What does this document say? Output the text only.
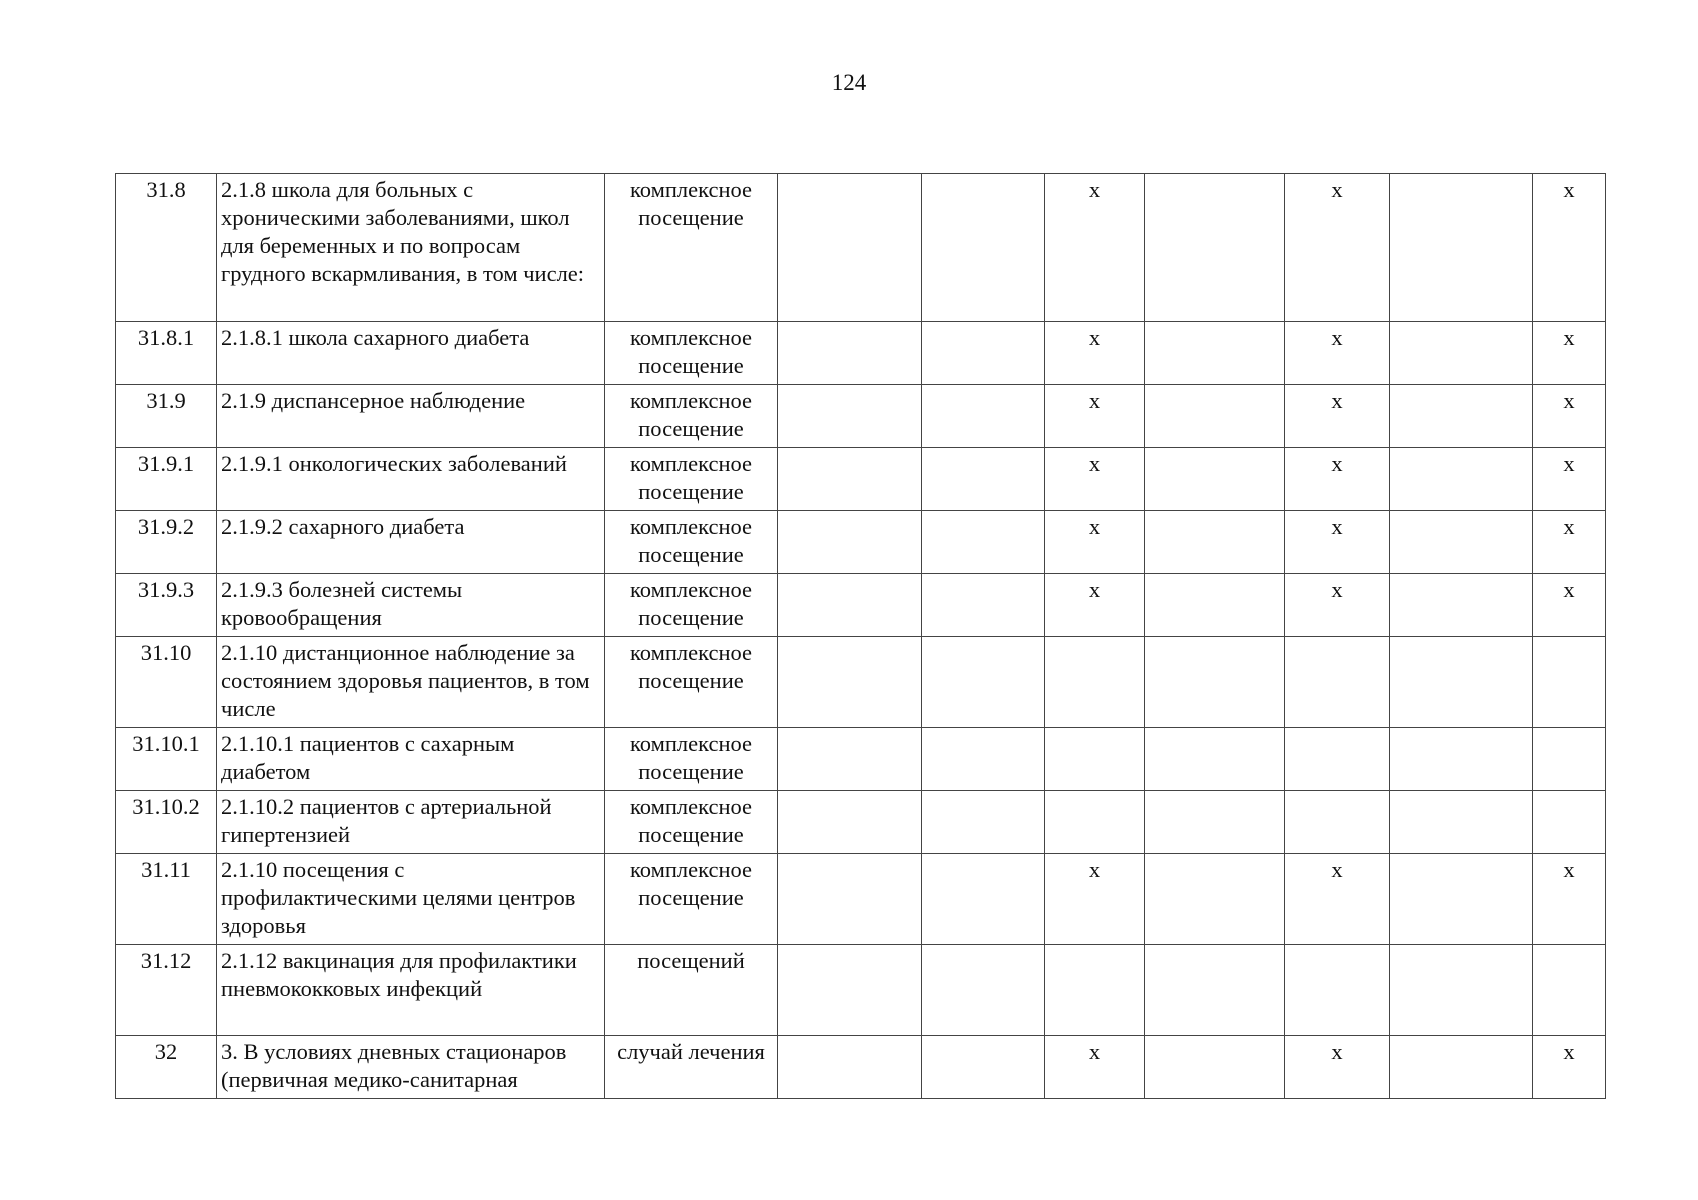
124
31.8	2.1.8 школа для больных с хроническими заболеваниями, школ для беременных и по вопросам грудного вскармливания, в том числе:	комплексное посещение			х		х		х
31.8.1	2.1.8.1 школа сахарного диабета	комплексное посещение			х		х		х
31.9	2.1.9 диспансерное наблюдение	комплексное посещение			х		х		х
31.9.1	2.1.9.1 онкологических заболеваний	комплексное посещение			х		х		х
31.9.2	2.1.9.2 сахарного диабета	комплексное посещение			х		х		х
31.9.3	2.1.9.3 болезней системы кровообращения	комплексное посещение			х		х		х
31.10	2.1.10 дистанционное наблюдение за состоянием здоровья пациентов, в том числе	комплексное посещение							
31.10.1	2.1.10.1 пациентов с сахарным диабетом	комплексное посещение							
31.10.2	2.1.10.2 пациентов с артериальной гипертензией	комплексное посещение							
31.11	2.1.10 посещения с профилактическими целями центров здоровья	комплексное посещение			х		х		х
31.12	2.1.12 вакцинация для профилактики пневмококковых инфекций	посещений							
32	3. В условиях дневных стационаров (первичная медико-санитарная	случай лечения			х		х		х
